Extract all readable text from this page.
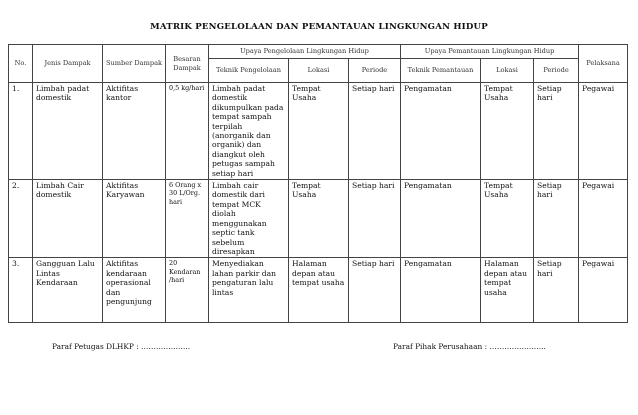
MATRIK PENGELOLAAN DAN PEMANTAUAN LINGKUNGAN HIDUP
No.	Jenis Dampak	Sumber Dampak	Besaran Dampak	Upaya Pengelolaan Lingkungan Hidup			Upaya Pemantauan Lingkungan Hidup			Pelaksana
				Teknik Pengelolaan	Lokasi	Periode	Teknik Pemantauan	Lokasi	Periode	
1.	Limbah padat domestik	Aktifitas kantor	0,5 kg/hari	Limbah padat domestik dikumpulkan pada tempat sampah terpilah (anorganik dan organik) dan diangkut oleh petugas sampah setiap hari	Tempat Usaha	Setiap hari	Pengamatan	Tempat Usaha	Setiap hari	Pegawai
2.	Limbah Cair domestik	Aktifitas Karyawan	6 Orang x 30 L/Org. hari	Limbah cair domestik dari tempat MCK diolah menggunakan septic tank sebelum diresapkan	Tempat Usaha	Setiap hari	Pengamatan	Tempat Usaha	Setiap hari	Pegawai
3.	Gangguan Lalu Lintas Kendaraan	Aktifitas kendaraan operasional dan pengunjung	20 Kendaran /hari	Menyediakan lahan parkir dan pengaturan lalu lintas	Halaman depan atau tempat usaha	Setiap hari	Pengamatan	Halaman depan atau tempat usaha	Setiap hari	Pegawai
Paraf Petugas DLHKP : ………………..	Paraf Pihak Perusahaan : …………………..
